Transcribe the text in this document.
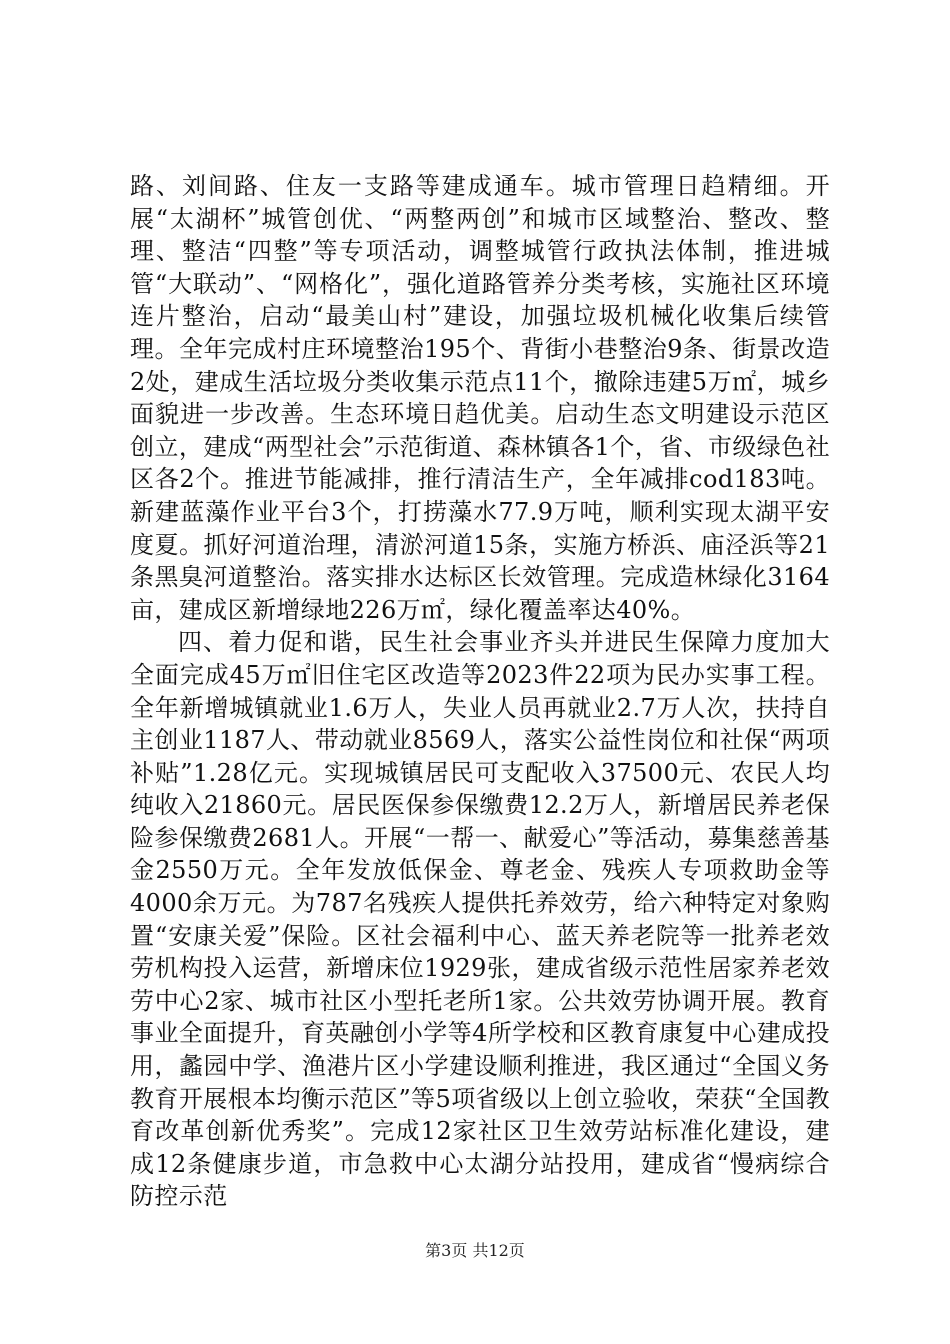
路、刘间路、住友一支路等建成通车。城市管理日趋精细。开展“太湖杯”城管创优、“两整两创”和城市区域整治、整改、整理、整洁“四整”等专项活动，调整城管行政执法体制，推进城管“大联动”、“网格化”，强化道路管养分类考核，实施社区环境连片整治，启动“最美山村”建设，加强垃圾机械化收集后续管理。全年完成村庄环境整治195个、背街小巷整治9条、街景改造2处，建成生活垃圾分类收集示范点11个，撤除违建5万㎡，城乡面貌进一步改善。生态环境日趋优美。启动生态文明建设示范区创立，建成“两型社会”示范街道、森林镇各1个，省、市级绿色社区各2个。推进节能减排，推行清洁生产，全年减排cod183吨。新建蓝藻作业平台3个，打捞藻水77.9万吨，顺利实现太湖平安度夏。抓好河道治理，清淤河道15条，实施方桥浜、庙泾浜等21条黑臭河道整治。落实排水达标区长效管理。完成造林绿化3164亩，建成区新增绿地226万㎡，绿化覆盖率达40%。

四、着力促和谐，民生社会事业齐头并进民生保障力度加大全面完成45万㎡旧住宅区改造等2023件22项为民办实事工程。全年新增城镇就业1.6万人，失业人员再就业2.7万人次，扶持自主创业1187人、带动就业8569人，落实公益性岗位和社保“两项补贴”1.28亿元。实现城镇居民可支配收入37500元、农民人均纯收入21860元。居民医保参保缴费12.2万人，新增居民养老保险参保缴费2681人。开展“一帮一、献爱心”等活动，募集慈善基金2550万元。全年发放低保金、尊老金、残疾人专项救助金等4000余万元。为787名残疾人提供托养效劳，给六种特定对象购置“安康关爱”保险。区社会福利中心、蓝天养老院等一批养老效劳机构投入运营，新增床位1929张，建成省级示范性居家养老效劳中心2家、城市社区小型托老所1家。公共效劳协调开展。教育事业全面提升，育英融创小学等4所学校和区教育康复中心建成投用，蠡园中学、渔港片区小学建设顺利推进，我区通过“全国义务教育开展根本均衡示范区”等5项省级以上创立验收，荣获“全国教育改革创新优秀奖”。完成12家社区卫生效劳站标准化建设，建成12条健康步道，市急救中心太湖分站投用，建成省“慢病综合防控示范

第3页 共12页
